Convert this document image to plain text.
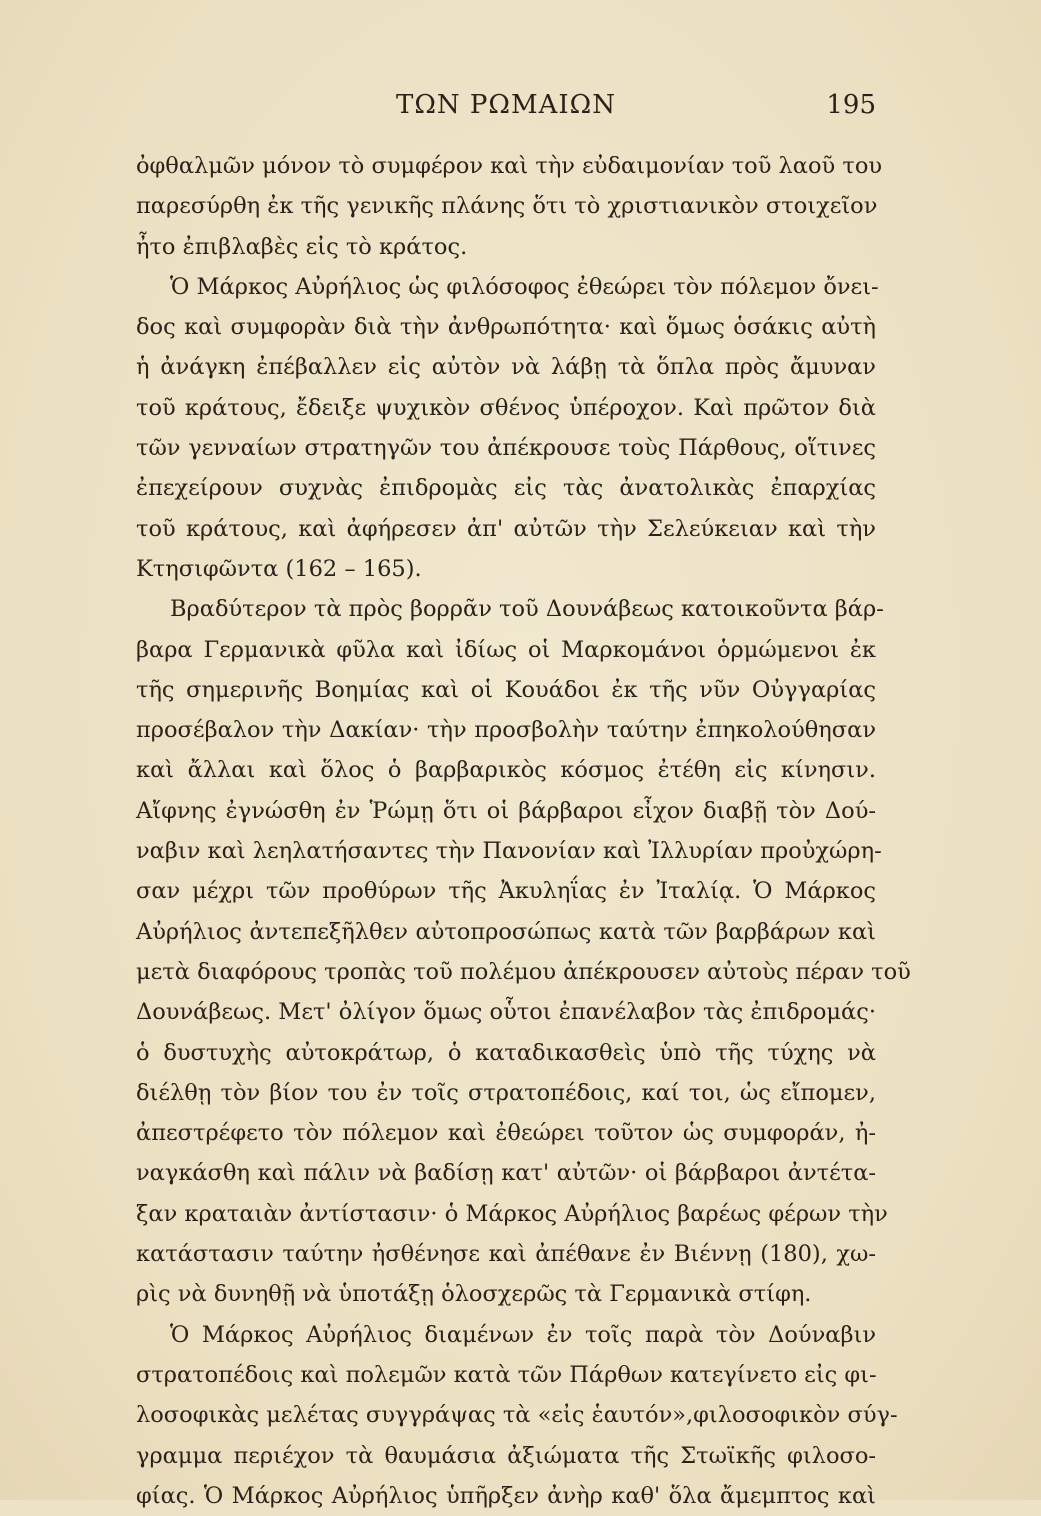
ΤΩΝ ΡΩΜΑΙΩΝ	195
ὀφθαλμῶν μόνον τὸ συμφέρον καὶ τὴν εὐδαιμονίαν τοῦ λαοῦ του
παρεσύρθη ἐκ τῆς γενικῆς πλάνης ὅτι τὸ χριστιανικὸν στοιχεῖον
ἦτο ἐπιβλαβὲς εἰς τὸ κράτος.
Ὁ Μάρκος Αὐρήλιος ὡς φιλόσοφος ἐθεώρει τὸν πόλεμον ὄνει-
δος καὶ συμφορὰν διὰ τὴν ἀνθρωπότητα· καὶ ὅμως ὁσάκις αὐτὴ
ἡ ἀνάγκη ἐπέβαλλεν εἰς αὐτὸν νὰ λάβῃ τὰ ὅπλα πρὸς ἄμυναν
τοῦ κράτους, ἔδειξε ψυχικὸν σθένος ὑπέροχον. Καὶ πρῶτον διὰ
τῶν γενναίων στρατηγῶν του ἀπέκρουσε τοὺς Πάρθους, οἵτινες
ἐπεχείρουν συχνὰς ἐπιδρομὰς εἰς τὰς ἀνατολικὰς ἐπαρχίας
τοῦ κράτους, καὶ ἀφήρεσεν ἀπ' αὐτῶν τὴν Σελεύκειαν καὶ τὴν
Κτησιφῶντα (162 – 165).
Βραδύτερον τὰ πρὸς βορρᾶν τοῦ Δουνάβεως κατοικοῦντα βάρ-
βαρα Γερμανικὰ φῦλα καὶ ἰδίως οἱ Μαρκομάνοι ὁρμώμενοι ἐκ
τῆς σημερινῆς Βοημίας καὶ οἱ Κουάδοι ἐκ τῆς νῦν Οὐγγαρίας
προσέβαλον τὴν Δακίαν· τὴν προσβολὴν ταύτην ἐπηκολούθησαν
καὶ ἄλλαι καὶ ὅλος ὁ βαρβαρικὸς κόσμος ἐτέθη εἰς κίνησιν.
Αἴφνης ἐγνώσθη ἐν Ῥώμῃ ὅτι οἱ βάρβαροι εἶχον διαβῇ τὸν Δού-
ναβιν καὶ λεηλατήσαντες τὴν Πανονίαν καὶ Ἰλλυρίαν προὐχώρη-
σαν μέχρι τῶν προθύρων τῆς Ἀκυληΐας ἐν Ἰταλίᾳ. Ὁ Μάρκος
Αὐρήλιος ἀντεπεξῆλθεν αὐτοπροσώπως κατὰ τῶν βαρβάρων καὶ
μετὰ διαφόρους τροπὰς τοῦ πολέμου ἀπέκρουσεν αὐτοὺς πέραν τοῦ
Δουνάβεως. Μετ' ὀλίγον ὅμως οὗτοι ἐπανέλαβον τὰς ἐπιδρομάς·
ὁ δυστυχὴς αὐτοκράτωρ, ὁ καταδικασθεὶς ὑπὸ τῆς τύχης νὰ
διέλθῃ τὸν βίον του ἐν τοῖς στρατοπέδοις, καί τοι, ὡς εἴπομεν,
ἀπεστρέφετο τὸν πόλεμον καὶ ἐθεώρει τοῦτον ὡς συμφοράν, ἠ-
ναγκάσθη καὶ πάλιν νὰ βαδίσῃ κατ' αὐτῶν· οἱ βάρβαροι ἀντέτα-
ξαν κραταιὰν ἀντίστασιν· ὁ Μάρκος Αὐρήλιος βαρέως φέρων τὴν
κατάστασιν ταύτην ἠσθένησε καὶ ἀπέθανε ἐν Βιέννῃ (180), χω-
ρὶς νὰ δυνηθῇ νὰ ὑποτάξῃ ὁλοσχερῶς τὰ Γερμανικὰ στίφη.
Ὁ Μάρκος Αὐρήλιος διαμένων ἐν τοῖς παρὰ τὸν Δούναβιν
στρατοπέδοις καὶ πολεμῶν κατὰ τῶν Πάρθων κατεγίνετο εἰς φι-
λοσοφικὰς μελέτας συγγράψας τὰ «εἰς ἑαυτόν»,φιλοσοφικὸν σύγ-
γραμμα περιέχον τὰ θαυμάσια ἀξιώματα τῆς Στωϊκῆς φιλοσο-
φίας. Ὁ Μάρκος Αὐρήλιος ὑπῆρξεν ἀνὴρ καθ' ὅλα ἄμεμπτος καὶ
